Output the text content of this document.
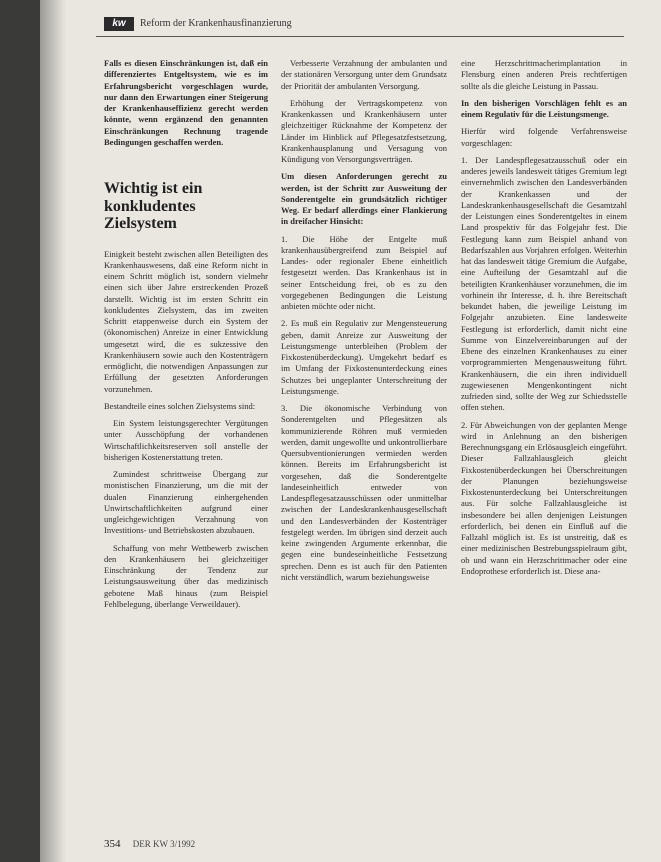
kw	Reform der Krankenhausfinanzierung

Falls es diesen Einschränkungen ist, daß ein differenziertes Entgeltsystem, wie es im Erfahrungsbericht vorgeschlagen wurde, nur dann den Erwartungen einer Steigerung der Krankenhauseffizienz gerecht werden könnte, wenn ergänzend den genannten Einschränkungen Rechnung tragende Bedingungen geschaffen werden.

Wichtig ist ein konkludentes Zielsystem

Einigkeit besteht zwischen allen Beteiligten des Krankenhauswesens, daß eine Reform nicht in einem Schritt möglich ist, sondern vielmehr einen sich über Jahre erstreckenden Prozeß darstellt. Wichtig ist im ersten Schritt ein konkludentes Zielsystem, das im zweiten Schritt etappenweise durch ein System der (ökonomischen) Anreize in einer Entwicklung umgesetzt wird, die es sukzessive den Krankenhäusern sowie auch den Kostenträgern ermöglicht, die notwendigen Anpassungen zur Erfüllung der gesetzten Anforderungen vorzunehmen.

Bestandteile eines solchen Zielsystems sind:

Ein System leistungsgerechter Vergütungen unter Ausschöpfung der vorhandenen Wirtschaftlichkeitsreserven soll anstelle der bisherigen Kostenerstattung treten.

Zumindest schrittweise Übergang zur monistischen Finanzierung, um die mit der dualen Finanzierung einhergehenden Unwirtschaftlichkeiten aufgrund einer ungleichgewichtigen Verzahnung von Investitions- und Betriebskosten abzubauen.

Schaffung von mehr Wettbewerb zwischen den Krankenhäusern bei gleichzeitiger Einschränkung der Tendenz zur Leistungsausweitung über das medizinisch gebotene Maß hinaus (zum Beispiel Fehlbelegung, überlange Verweildauer).

Verbesserte Verzahnung der ambulanten und der stationären Versorgung unter dem Grundsatz der Priorität der ambulanten Versorgung.

Erhöhung der Vertragskompetenz von Krankenkassen und Krankenhäusern unter gleichzeitiger Rücknahme der Kompetenz der Länder im Hinblick auf Pflegesatzfestsetzung, Krankenhausplanung und Versagung von Kündigung von Versorgungsverträgen.

Um diesen Anforderungen gerecht zu werden, ist der Schritt zur Ausweitung der Sonderentgelte ein grundsätzlich richtiger Weg. Er bedarf allerdings einer Flankierung in dreifacher Hinsicht:

1. Die Höhe der Entgelte muß krankenhausübergreifend zum Beispiel auf Landes- oder regionaler Ebene einheitlich festgesetzt werden. Das Krankenhaus ist in seiner Entscheidung frei, ob es zu den vorgegebenen Bedingungen die Leistung anbieten möchte oder nicht.

2. Es muß ein Regulativ zur Mengensteuerung geben, damit Anreize zur Ausweitung der Leistungsmenge unterbleiben (Problem der Fixkostenüberdeckung). Umgekehrt bedarf es im Umfang der Fixkostenunterdeckung eines Schutzes bei ungeplanter Unterschreitung der Leistungsmenge.

3. Die ökonomische Verbindung von Sonderentgelten und Pflegesätzen als kommunizierende Röhren muß vermieden werden, damit ungewollte und unkontrollierbare Quersubventionierungen vermieden werden können. Bereits im Erfahrungsbericht ist vorgesehen, daß die Sonderentgelte landeseinheitlich entweder von Landespflegesatzausschüssen oder unmittelbar zwischen der Landeskrankenhausgesellschaft und den Landesverbänden der Kostenträger festgelegt werden. Im übrigen sind derzeit auch keine zwingenden Argumente erkennbar, die gegen eine bundeseinheitliche Festsetzung sprechen. Denn es ist auch für den Patienten nicht verständlich, warum beziehungsweise

eine Herzschrittmacherimplantation in Flensburg einen anderen Preis rechtfertigen sollte als die gleiche Leistung in Passau.

In den bisherigen Vorschlägen fehlt es an einem Regulativ für die Leistungsmenge.

Hierfür wird folgende Verfahrensweise vorgeschlagen:

1. Der Landespflegesatzausschuß oder ein anderes jeweils landesweit tätiges Gremium legt einvernehmlich zwischen den Landesverbänden der Krankenkassen und der Landeskrankenhausgesellschaft die Gesamtzahl der Leistungen eines Sonderentgeltes in einem Land prospektiv für das Folgejahr fest. Die Festlegung kann zum Beispiel anhand von Bedarfszahlen aus Vorjahren erfolgen. Weiterhin hat das landesweit tätige Gremium die Aufgabe, eine Aufteilung der Gesamtzahl auf die beteiligten Krankenhäuser vorzunehmen, die im vorhinein ihr Interesse, d. h. ihre Bereitschaft bekundet haben, die jeweilige Leistung im Folgejahr anzubieten. Eine landesweite Festlegung ist erforderlich, damit nicht eine Summe von Einzelvereinbarungen auf der Ebene des einzelnen Krankenhauses zu einer vorprogrammierten Mengenausweitung führt. Krankenhäusern, die ein ihren individuell zugewiesenen Mengenkontingent nicht zufrieden sind, sollte der Weg zur Schiedsstelle offen stehen.

2. Für Abweichungen von der geplanten Menge wird in Anlehnung an den bisherigen Berechnungsgang ein Erlösausgleich eingeführt. Dieser Fallzahlausgleich gleicht Fixkostenüberdeckungen bei Überschreitungen der Planungen beziehungsweise Fixkostenunterdeckung bei Unterschreitungen aus. Für solche Fallzahlausgleiche ist insbesondere bei allen denjenigen Leistungen erforderlich, bei denen ein Einfluß auf die Fallzahl möglich ist. Es ist unstreitig, daß es einer medizinischen Bestrebungsspielraum gibt, ob und wann ein Herzschrittmacher oder eine Endoprothese erforderlich ist. Diese ana-

354 DER KW 3/1992
